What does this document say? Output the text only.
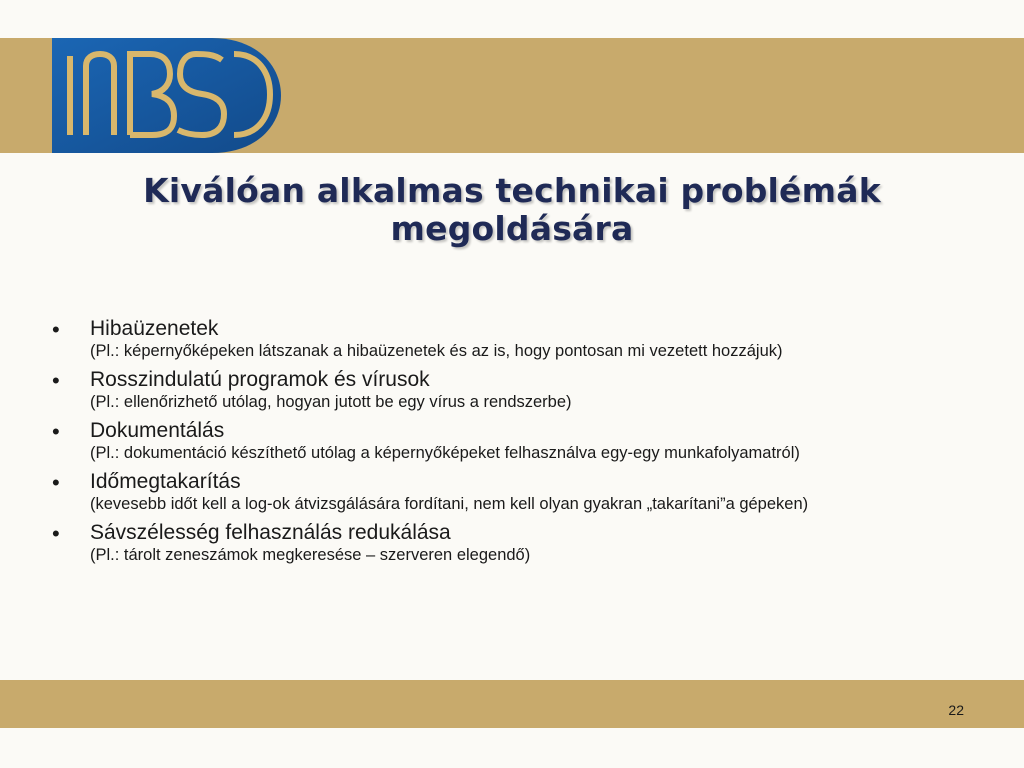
Kiválóan alkalmas technikai problémák
megoldására
• Hibaüzenetek
(Pl.: képernyőképeken látszanak a hibaüzenetek és az is, hogy pontosan mi vezetett hozzájuk)
• Rosszindulatú programok és vírusok
(Pl.: ellenőrizhető utólag, hogyan jutott be egy vírus a rendszerbe)
• Dokumentálás
(Pl.: dokumentáció készíthető utólag a képernyőképeket felhasználva egy-egy munkafolyamatról)
• Időmegtakarítás
(kevesebb időt kell a log-ok átvizsgálására fordítani, nem kell olyan gyakran „takarítani”a gépeken)
• Sávszélesség felhasználás redukálása
(Pl.: tárolt zeneszámok megkeresése – szerveren elegendő)
22
